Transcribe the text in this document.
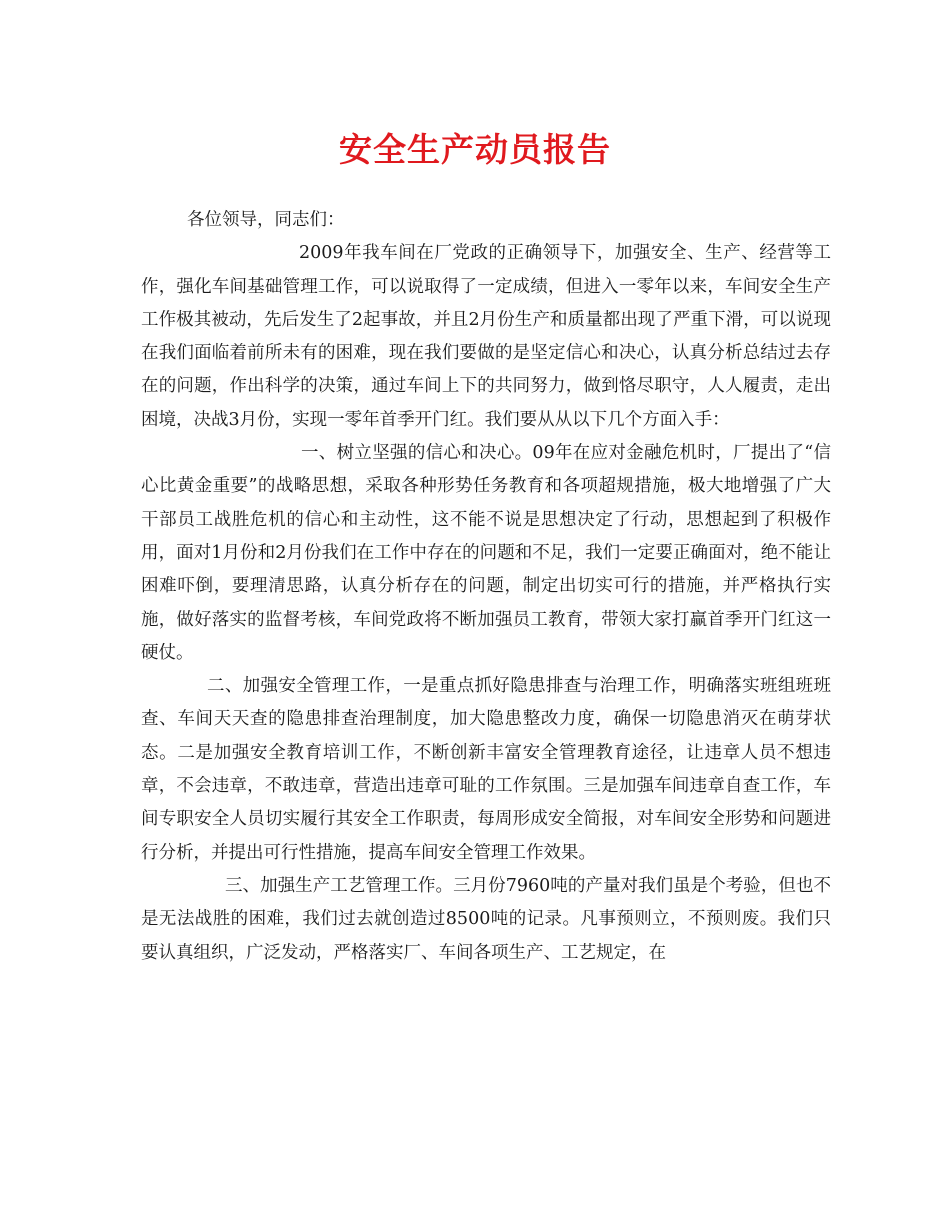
安全生产动员报告

各位领导，同志们：

2009年我车间在厂党政的正确领导下，加强安全、生产、经营等工作，强化车间基础管理工作，可以说取得了一定成绩，但进入一零年以来，车间安全生产工作极其被动，先后发生了2起事故，并且2月份生产和质量都出现了严重下滑，可以说现在我们面临着前所未有的困难，现在我们要做的是坚定信心和决心，认真分析总结过去存在的问题，作出科学的决策，通过车间上下的共同努力，做到恪尽职守，人人履责，走出困境，决战3月份，实现一零年首季开门红。我们要从从以下几个方面入手：

一、树立坚强的信心和决心。09年在应对金融危机时，厂提出了“信心比黄金重要”的战略思想，采取各种形势任务教育和各项超规措施，极大地增强了广大干部员工战胜危机的信心和主动性，这不能不说是思想决定了行动，思想起到了积极作用，面对1月份和2月份我们在工作中存在的问题和不足，我们一定要正确面对，绝不能让困难吓倒，要理清思路，认真分析存在的问题，制定出切实可行的措施，并严格执行实施，做好落实的监督考核，车间党政将不断加强员工教育，带领大家打赢首季开门红这一硬仗。

二、加强安全管理工作，一是重点抓好隐患排查与治理工作，明确落实班组班班查、车间天天查的隐患排查治理制度，加大隐患整改力度，确保一切隐患消灭在萌芽状态。二是加强安全教育培训工作，不断创新丰富安全管理教育途径，让违章人员不想违章，不会违章，不敢违章，营造出违章可耻的工作氛围。三是加强车间违章自查工作，车间专职安全人员切实履行其安全工作职责，每周形成安全简报，对车间安全形势和问题进行分析，并提出可行性措施，提高车间安全管理工作效果。

三、加强生产工艺管理工作。三月份7960吨的产量对我们虽是个考验，但也不是无法战胜的困难，我们过去就创造过8500吨的记录。凡事预则立，不预则废。我们只要认真组织，广泛发动，严格落实厂、车间各项生产、工艺规定，在
